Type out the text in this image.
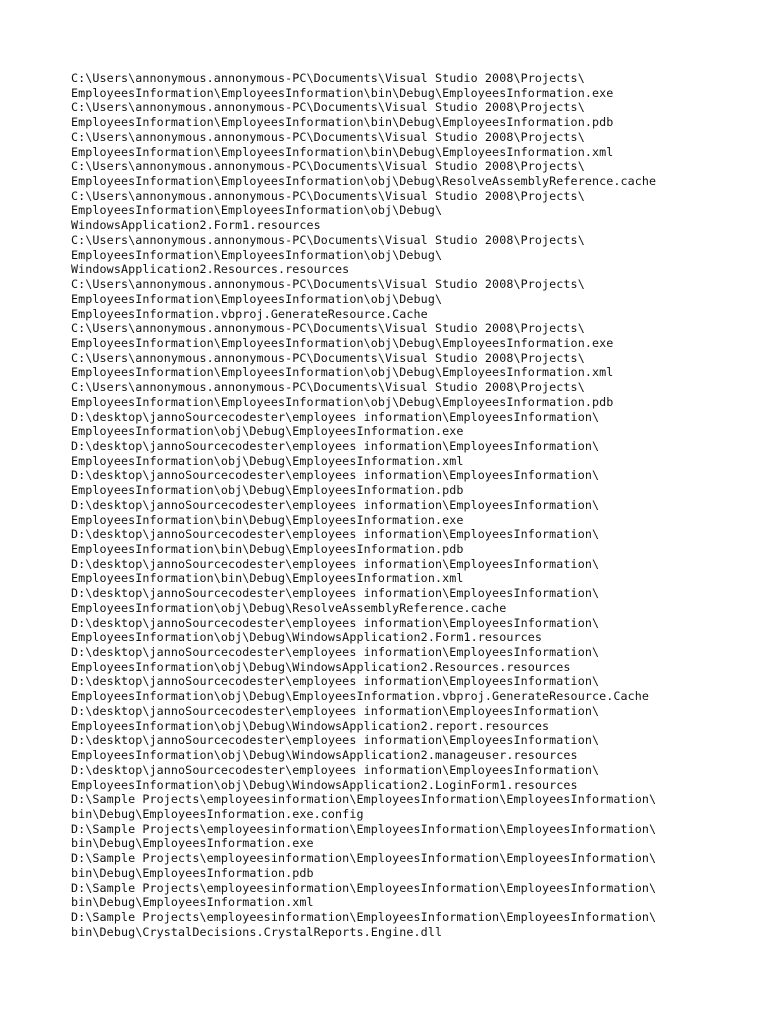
C:\Users\annonymous.annonymous-PC\Documents\Visual Studio 2008\Projects\
EmployeesInformation\EmployeesInformation\bin\Debug\EmployeesInformation.exe
C:\Users\annonymous.annonymous-PC\Documents\Visual Studio 2008\Projects\
EmployeesInformation\EmployeesInformation\bin\Debug\EmployeesInformation.pdb
C:\Users\annonymous.annonymous-PC\Documents\Visual Studio 2008\Projects\
EmployeesInformation\EmployeesInformation\bin\Debug\EmployeesInformation.xml
C:\Users\annonymous.annonymous-PC\Documents\Visual Studio 2008\Projects\
EmployeesInformation\EmployeesInformation\obj\Debug\ResolveAssemblyReference.cache
C:\Users\annonymous.annonymous-PC\Documents\Visual Studio 2008\Projects\
EmployeesInformation\EmployeesInformation\obj\Debug\
WindowsApplication2.Form1.resources
C:\Users\annonymous.annonymous-PC\Documents\Visual Studio 2008\Projects\
EmployeesInformation\EmployeesInformation\obj\Debug\
WindowsApplication2.Resources.resources
C:\Users\annonymous.annonymous-PC\Documents\Visual Studio 2008\Projects\
EmployeesInformation\EmployeesInformation\obj\Debug\
EmployeesInformation.vbproj.GenerateResource.Cache
C:\Users\annonymous.annonymous-PC\Documents\Visual Studio 2008\Projects\
EmployeesInformation\EmployeesInformation\obj\Debug\EmployeesInformation.exe
C:\Users\annonymous.annonymous-PC\Documents\Visual Studio 2008\Projects\
EmployeesInformation\EmployeesInformation\obj\Debug\EmployeesInformation.xml
C:\Users\annonymous.annonymous-PC\Documents\Visual Studio 2008\Projects\
EmployeesInformation\EmployeesInformation\obj\Debug\EmployeesInformation.pdb
D:\desktop\jannoSourcecodester\employees information\EmployeesInformation\
EmployeesInformation\obj\Debug\EmployeesInformation.exe
D:\desktop\jannoSourcecodester\employees information\EmployeesInformation\
EmployeesInformation\obj\Debug\EmployeesInformation.xml
D:\desktop\jannoSourcecodester\employees information\EmployeesInformation\
EmployeesInformation\obj\Debug\EmployeesInformation.pdb
D:\desktop\jannoSourcecodester\employees information\EmployeesInformation\
EmployeesInformation\bin\Debug\EmployeesInformation.exe
D:\desktop\jannoSourcecodester\employees information\EmployeesInformation\
EmployeesInformation\bin\Debug\EmployeesInformation.pdb
D:\desktop\jannoSourcecodester\employees information\EmployeesInformation\
EmployeesInformation\bin\Debug\EmployeesInformation.xml
D:\desktop\jannoSourcecodester\employees information\EmployeesInformation\
EmployeesInformation\obj\Debug\ResolveAssemblyReference.cache
D:\desktop\jannoSourcecodester\employees information\EmployeesInformation\
EmployeesInformation\obj\Debug\WindowsApplication2.Form1.resources
D:\desktop\jannoSourcecodester\employees information\EmployeesInformation\
EmployeesInformation\obj\Debug\WindowsApplication2.Resources.resources
D:\desktop\jannoSourcecodester\employees information\EmployeesInformation\
EmployeesInformation\obj\Debug\EmployeesInformation.vbproj.GenerateResource.Cache
D:\desktop\jannoSourcecodester\employees information\EmployeesInformation\
EmployeesInformation\obj\Debug\WindowsApplication2.report.resources
D:\desktop\jannoSourcecodester\employees information\EmployeesInformation\
EmployeesInformation\obj\Debug\WindowsApplication2.manageuser.resources
D:\desktop\jannoSourcecodester\employees information\EmployeesInformation\
EmployeesInformation\obj\Debug\WindowsApplication2.LoginForm1.resources
D:\Sample Projects\employeesinformation\EmployeesInformation\EmployeesInformation\
bin\Debug\EmployeesInformation.exe.config
D:\Sample Projects\employeesinformation\EmployeesInformation\EmployeesInformation\
bin\Debug\EmployeesInformation.exe
D:\Sample Projects\employeesinformation\EmployeesInformation\EmployeesInformation\
bin\Debug\EmployeesInformation.pdb
D:\Sample Projects\employeesinformation\EmployeesInformation\EmployeesInformation\
bin\Debug\EmployeesInformation.xml
D:\Sample Projects\employeesinformation\EmployeesInformation\EmployeesInformation\
bin\Debug\CrystalDecisions.CrystalReports.Engine.dll
